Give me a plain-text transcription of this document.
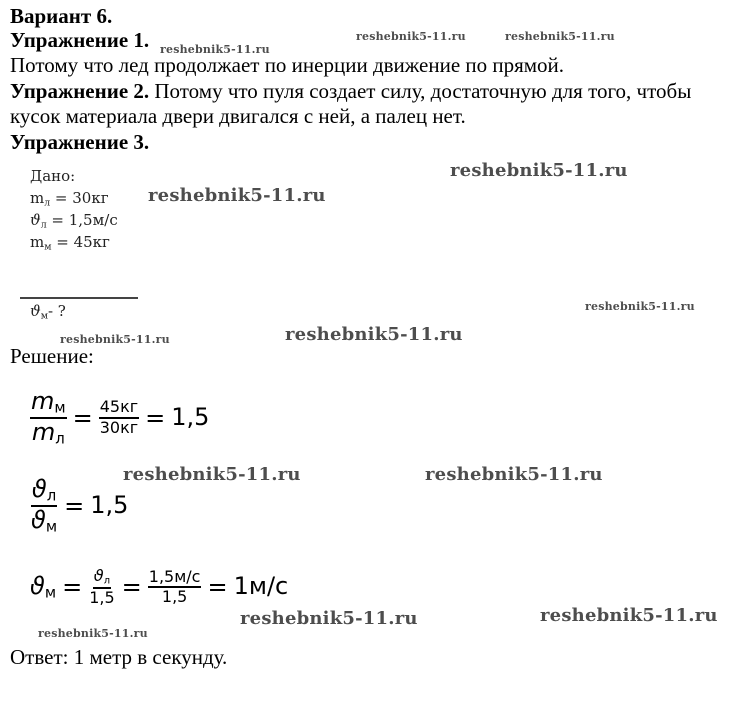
Вариант 6.
Упражнение 1.
Потому что лед продолжает по инерции движение по прямой.
Упражнение 2. Потому что пуля создает силу, достаточную для того, чтобы
кусок материала двери двигался с ней, а палец нет.
Упражнение 3.
Дано:
$m_л = 30кг$
$ϑ_л = 1,5м/с$
$m_м = 45кг$
$ϑ_м-$ ?
Решение:
$\frac{m_м}{m_л} = \frac{45кг}{30кг} = 1,5$
$\frac{ϑ_л}{ϑ_м} = 1,5$
$ϑ_м = \frac{ϑ_л}{1,5} = \frac{1,5м/с}{1,5} = 1м/с$
Ответ: 1 метр в секунду.
reshebnik5-11.ru
reshebnik5-11.ru	reshebnik5-11.ru
reshebnik5-11.ru
reshebnik5-11.ru
reshebnik5-11.ru
reshebnik5-11.ru	reshebnik5-11.ru
reshebnik5-11.ru	reshebnik5-11.ru
reshebnik5-11.ru	reshebnik5-11.ru
reshebnik5-11.ru
